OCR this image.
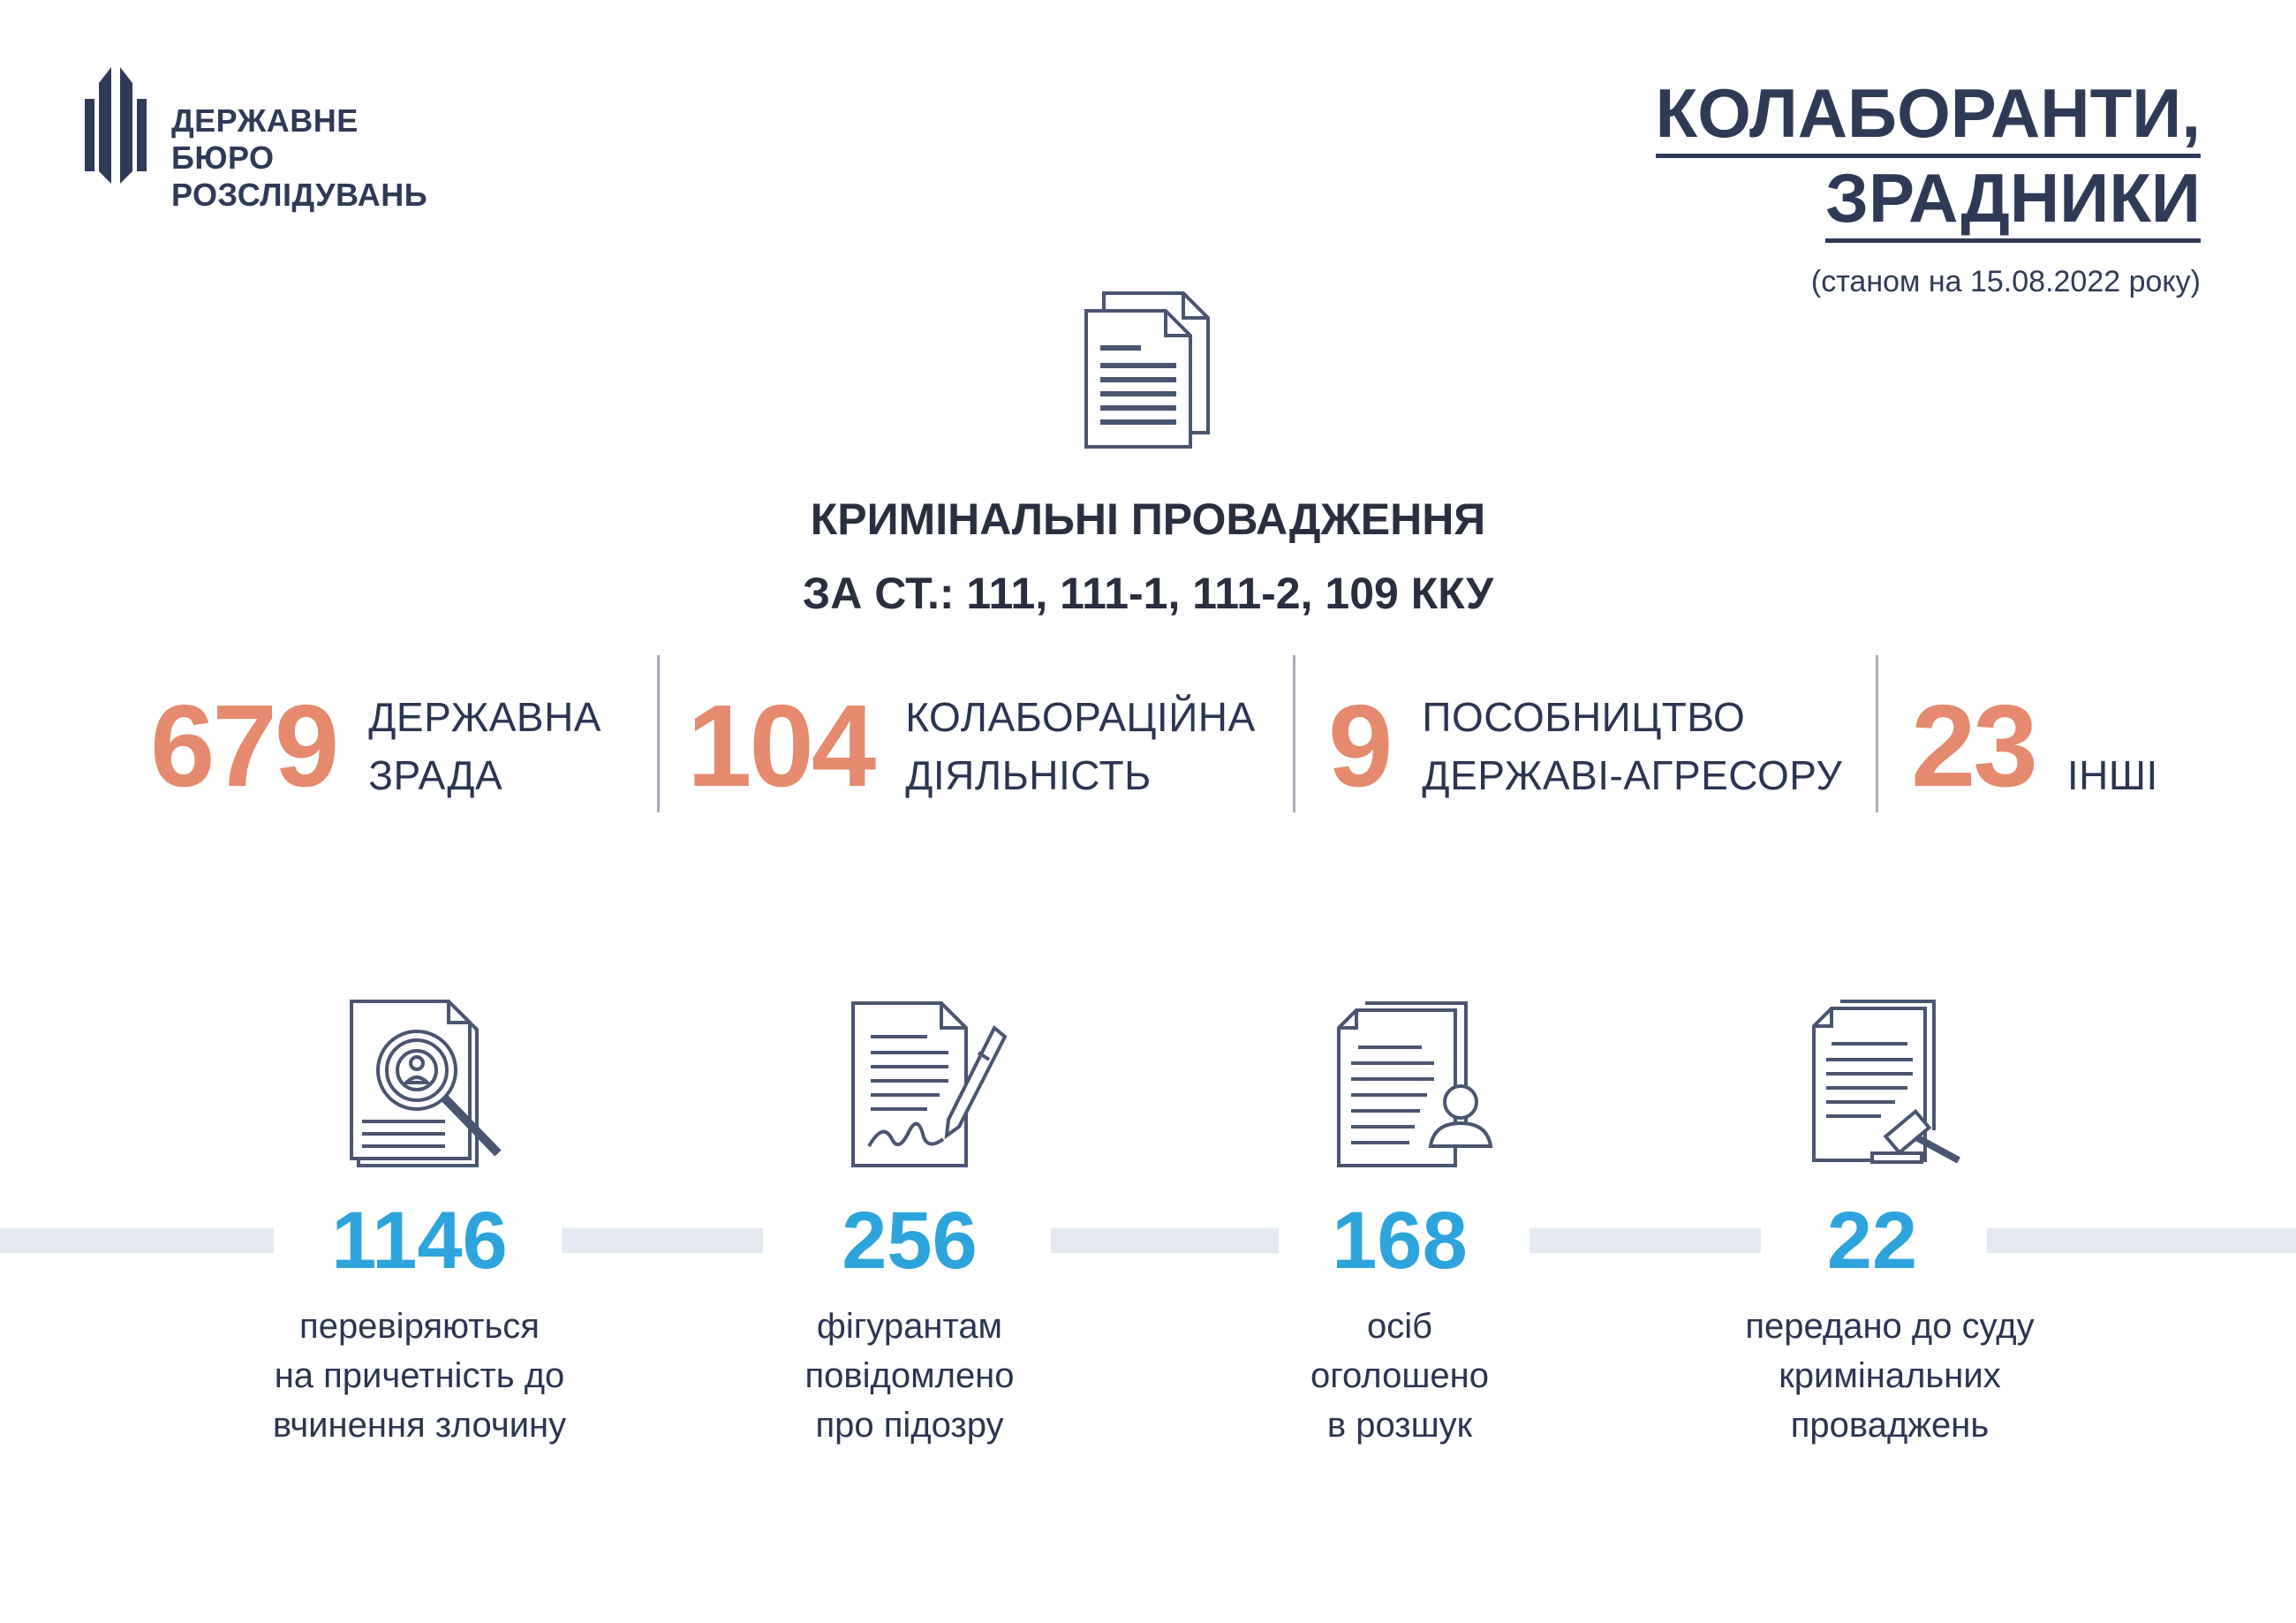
ДЕРЖАВНЕ БЮРО
РОЗСЛІДУВАНЬ
КОЛАБОРАНТИ,
ЗРАДНИКИ
(станом на 15.08.2022 року)
КРИМІНАЛЬНІ ПРОВАДЖЕННЯ
ЗА СТ.: 111, 111-1, 111-2, 109 ККУ
679 ДЕРЖАВНА
ЗРАДА	104 КОЛАБОРАЦІЙНА
ДІЯЛЬНІСТЬ	9 ПОСОБНИЦТВО
ДЕРЖАВІ-АГРЕСОРУ 23 ІНШІ
1146
перевіряються
на причетність до
вчинення злочину
256
фігурантам
повідомлено
про підозру
168
осіб
оголошено
в розшук
22
передано до суду
кримінальних
проваджень
